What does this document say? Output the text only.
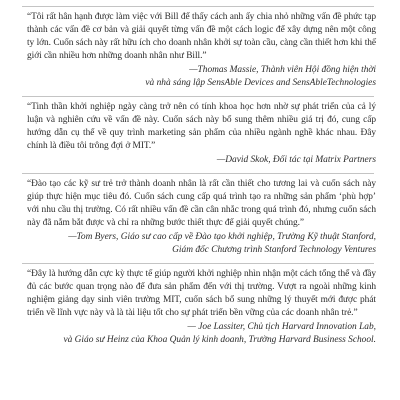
“Tôi rất hân hạnh được làm việc với Bill để thấy cách anh ấy chia nhỏ những vấn đề phức tạp thành các vấn đề cơ bản và giải quyết từng vấn đề một cách logic để xây dựng nên một công ty lớn. Cuốn sách này rất hữu ích cho doanh nhân khởi sự toàn cầu, càng cần thiết hơn khi thế giới cần nhiều hơn những doanh nhân như Bill.”

—Thomas Massie, Thành viên Hội đồng hiện thời
và nhà sáng lập SensAble Devices and SensAbleTechnologies

“Tinh thần khởi nghiệp ngày càng trở nên có tính khoa học hơn nhờ sự phát triển của cả lý luận và nghiên cứu về vấn đề này. Cuốn sách này bổ sung thêm nhiều giá trị đó, cung cấp hướng dẫn cụ thể về quy trình marketing sản phẩm của nhiều ngành nghề khác nhau. Đây chính là điều tôi trông đợi ở MIT.”

—David Skok, Đối tác tại Matrix Partners

“Đào tạo các kỹ sư trẻ trở thành doanh nhân là rất cần thiết cho tương lai và cuốn sách này giúp thực hiện mục tiêu đó. Cuốn sách cung cấp quá trình tạo ra những sản phẩm ‘phù hợp’ với nhu cầu thị trường. Có rất nhiều vấn đề cần cân nhắc trong quá trình đó, nhưng cuốn sách này đã nắm bắt được và chỉ ra những bước thiết thực để giải quyết chúng.”

—Tom Byers, Giáo sư cao cấp về Đào tạo khởi nghiệp, Trường Kỹ thuật Stanford,
Giám đốc Chương trình Stanford Technology Ventures

“Đây là hướng dẫn cực kỳ thực tế giúp người khởi nghiệp nhìn nhận một cách tổng thể và đầy đủ các bước quan trọng nào để đưa sản phẩm đến với thị trường. Vượt ra ngoài những kinh nghiệm giảng dạy sinh viên trường MIT, cuốn sách bổ sung những lý thuyết mới được phát triển về lĩnh vực này và là tài liệu tốt cho sự phát triển bền vững của các doanh nhân trẻ.”

— Joe Lassiter, Chủ tịch Harvard Innovation Lab,
và Giáo sư Heinz của Khoa Quản lý kinh doanh, Trường Harvard Business School.
